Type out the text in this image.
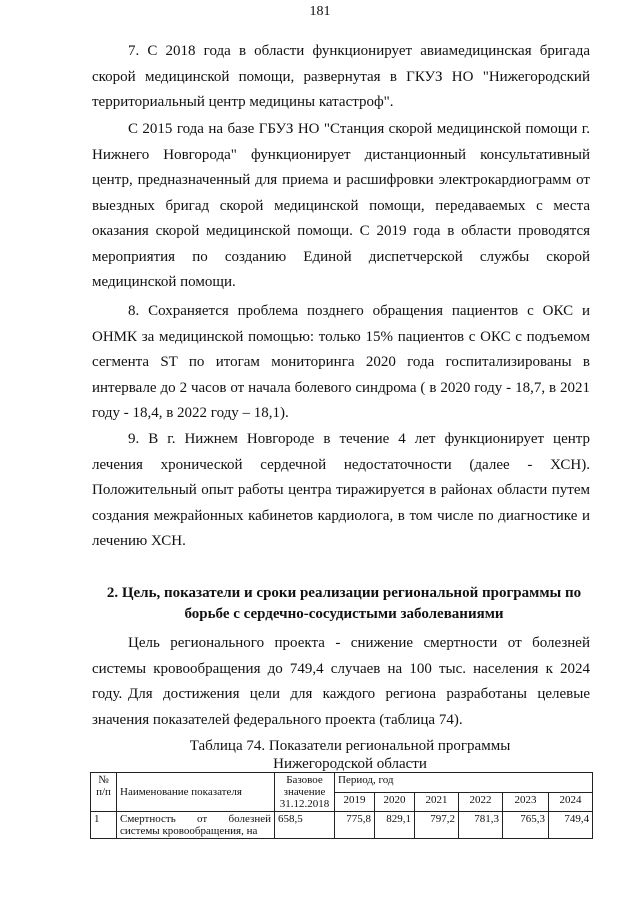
181

7. С 2018 года в области функционирует авиамедицинская бригада скорой медицинской помощи, развернутая в ГКУЗ НО "Нижегородский территориальный центр медицины катастроф".

С 2015 года на базе ГБУЗ НО "Станция скорой медицинской помощи г. Нижнего Новгорода" функционирует дистанционный консультативный центр, предназначенный для приема и расшифровки электрокардиограмм от выездных бригад скорой медицинской помощи, передаваемых с места оказания скорой медицинской помощи. С 2019 года в области проводятся мероприятия по созданию Единой диспетчерской службы скорой медицинской помощи.

8. Сохраняется проблема позднего обращения пациентов с ОКС и ОНМК за медицинской помощью: только 15% пациентов с ОКС с подъемом сегмента ST по итогам мониторинга 2020 года госпитализированы в интервале до 2 часов от начала болевого синдрома ( в 2020 году - 18,7, в 2021 году - 18,4, в 2022 году – 18,1).

9. В г. Нижнем Новгороде в течение 4 лет функционирует центр лечения хронической сердечной недостаточности (далее - ХСН). Положительный опыт работы центра тиражируется в районах области путем создания межрайонных кабинетов кардиолога, в том числе по диагностике и лечению ХСН.

2. Цель, показатели и сроки реализации региональной программы по борьбе с сердечно-сосудистыми заболеваниями

Цель регионального проекта - снижение смертности от болезней системы кровообращения до 749,4 случаев на 100 тыс. населения к 2024 году. Для достижения цели для каждого региона разработаны целевые значения показателей федерального проекта (таблица 74).

Таблица 74. Показатели региональной программы Нижегородской области

№ п/п	Наименование показателя	Базовое значение 31.12.2018	Период, год					
			2019	2020	2021	2022	2023	2024
1	Смертность от болезней системы кровообращения, на	658,5	775,8	829,1	797,2	781,3	765,3	749,4
